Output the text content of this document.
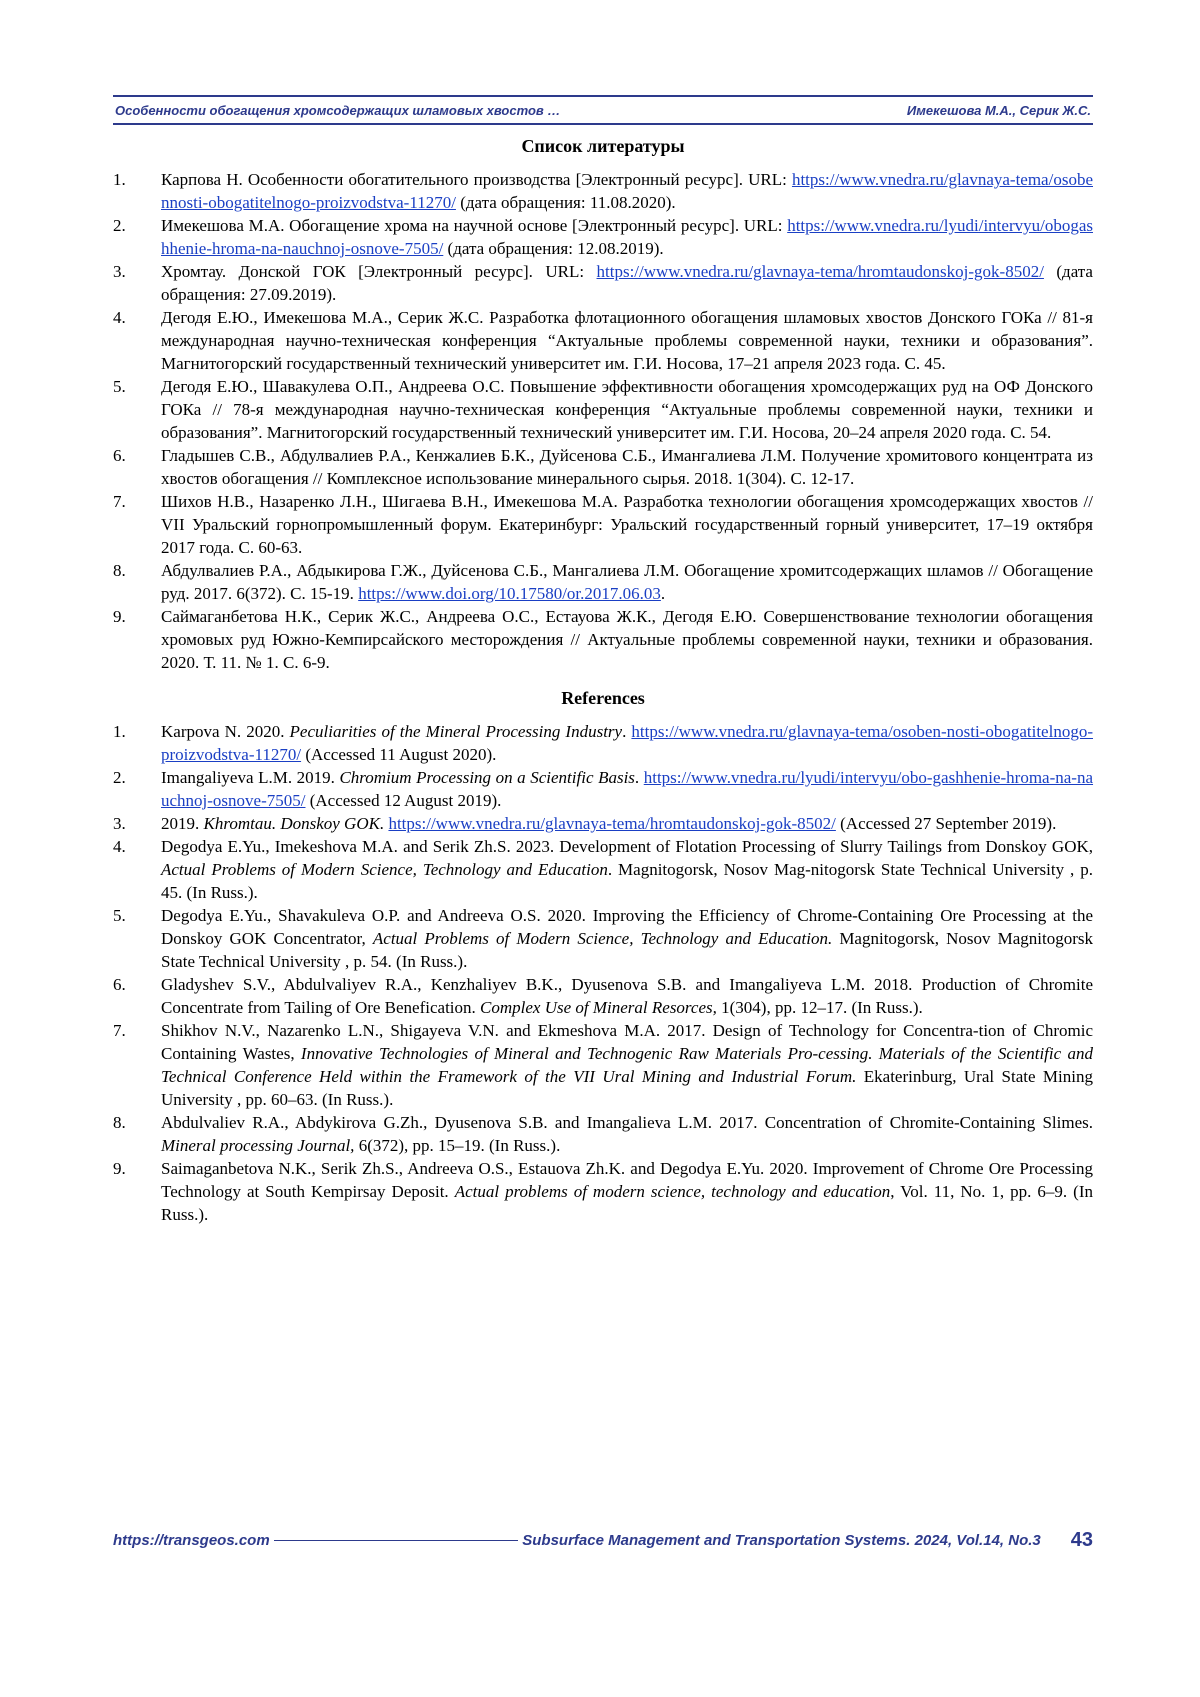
Особенности обогащения хромсодержащих шламовых хвостов …	Имекешова М.А., Серик Ж.С.
Список литературы
1.	Карпова Н. Особенности обогатительного производства [Электронный ресурс]. URL: https://www.vnedra.ru/glavnaya-tema/osobennosti-obogatitelnogo-proizvodstva-11270/ (дата обращения: 11.08.2020).
2.	Имекешова М.А. Обогащение хрома на научной основе [Электронный ресурс]. URL: https://www.vnedra.ru/lyudi/intervyu/obogashhenie-hroma-na-nauchnoj-osnove-7505/ (дата обращения: 12.08.2019).
3.	Хромтау. Донской ГОК [Электронный ресурс]. URL: https://www.vnedra.ru/glavnaya-tema/hromtaudonskoj-gok-8502/ (дата обращения: 27.09.2019).
4.	Дегодя Е.Ю., Имекешова М.А., Серик Ж.С. Разработка флотационного обогащения шламовых хвостов Донского ГОКа // 81-я международная научно-техническая конференция “Актуальные проблемы современной науки, техники и образования”. Магнитогорский государственный технический университет им. Г.И. Носова, 17–21 апреля 2023 года. С. 45.
5.	Дегодя Е.Ю., Шавакулева О.П., Андреева О.С. Повышение эффективности обогащения хромсодержащих руд на ОФ Донского ГОКа // 78-я международная научно-техническая конференция “Актуальные проблемы современной науки, техники и образования”. Магнитогорский государственный технический университет им. Г.И. Носова, 20–24 апреля 2020 года. С. 54.
6.	Гладышев С.В., Абдулвалиев Р.А., Кенжалиев Б.К., Дуйсенова С.Б., Имангалиева Л.М. Получение хромитового концентрата из хвостов обогащения // Комплексное использование минерального сырья. 2018. 1(304). С. 12-17.
7.	Шихов Н.В., Назаренко Л.Н., Шигаева В.Н., Имекешова М.А. Разработка технологии обогащения хромсодержащих хвостов // VII Уральский горнопромышленный форум. Екатеринбург: Уральский государственный горный университет, 17–19 октября 2017 года. С. 60-63.
8.	Абдулвалиев Р.А., Абдыкирова Г.Ж., Дуйсенова С.Б., Мангалиева Л.М. Обогащение хромитсодержащих шламов // Обогащение руд. 2017. 6(372). С. 15-19. https://www.doi.org/10.17580/or.2017.06.03.
9.	Саймаганбетова Н.К., Серик Ж.С., Андреева О.С., Естауова Ж.К., Дегодя Е.Ю. Совершенствование технологии обогащения хромовых руд Южно-Кемпирсайского месторождения // Актуальные проблемы современной науки, техники и образования. 2020. Т. 11. № 1. С. 6-9.
References
1.	Karpova N. 2020. Peculiarities of the Mineral Processing Industry. https://www.vnedra.ru/glavnaya-tema/osoben-nosti-obogatitelnogo-proizvodstva-11270/ (Accessed 11 August 2020).
2.	Imangaliyeva L.M. 2019. Chromium Processing on a Scientific Basis. https://www.vnedra.ru/lyudi/intervyu/obo-gashhenie-hroma-na-nauchnoj-osnove-7505/ (Accessed 12 August 2019).
3.	2019. Khromtau. Donskoy GOK. https://www.vnedra.ru/glavnaya-tema/hromtaudonskoj-gok-8502/ (Accessed 27 September 2019).
4.	Degodya E.Yu., Imekeshova M.A. and Serik Zh.S. 2023. Development of Flotation Processing of Slurry Tailings from Donskoy GOK, Actual Problems of Modern Science, Technology and Education. Magnitogorsk, Nosov Mag-nitogorsk State Technical University , p. 45. (In Russ.).
5.	Degodya E.Yu., Shavakuleva O.P. and Andreeva O.S. 2020. Improving the Efficiency of Chrome-Containing Ore Processing at the Donskoy GOK Concentrator, Actual Problems of Modern Science, Technology and Education. Magnitogorsk, Nosov Magnitogorsk State Technical University , p. 54. (In Russ.).
6.	Gladyshev S.V., Abdulvaliyev R.A., Kenzhaliyev B.K., Dyusenova S.B. and Imangaliyeva L.M. 2018. Production of Chromite Concentrate from Tailing of Ore Benefication. Complex Use of Mineral Resorces, 1(304), pp. 12–17. (In Russ.).
7.	Shikhov N.V., Nazarenko L.N., Shigayeva V.N. and Ekmeshova M.A. 2017. Design of Technology for Concentra-tion of Chromic Containing Wastes, Innovative Technologies of Mineral and Technogenic Raw Materials Pro-cessing. Materials of the Scientific and Technical Conference Held within the Framework of the VII Ural Mining and Industrial Forum. Ekaterinburg, Ural State Mining University , pp. 60–63. (In Russ.).
8.	Abdulvaliev R.A., Abdykirova G.Zh., Dyusenova S.B. and Imangalieva L.M. 2017. Concentration of Chromite-Containing Slimes. Mineral processing Journal, 6(372), pp. 15–19. (In Russ.).
9.	Saimaganbetova N.K., Serik Zh.S., Andreeva O.S., Estauova Zh.K. and Degodya E.Yu. 2020. Improvement of Chrome Ore Processing Technology at South Kempirsay Deposit. Actual problems of modern science, technology and education, Vol. 11, No. 1, pp. 6–9. (In Russ.).
https://transgeos.com	Subsurface Management and Transportation Systems. 2024, Vol.14, No.3 43
